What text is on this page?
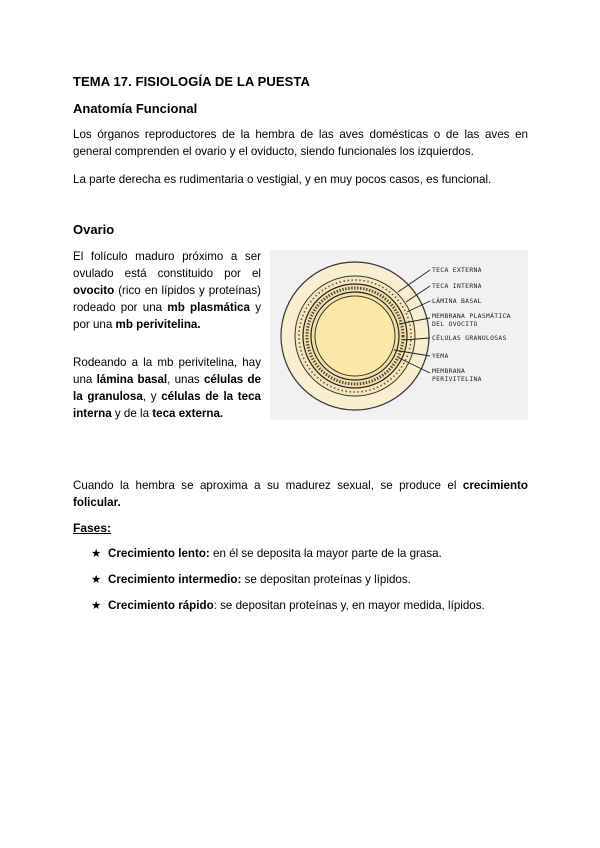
TEMA 17. FISIOLOGÍA DE LA PUESTA
Anatomía Funcional
Los órganos reproductores de la hembra de las aves domésticas o de las aves en general comprenden el ovario y el oviducto, siendo funcionales los izquierdos.
La parte derecha es rudimentaria o vestigial, y en muy pocos casos, es funcional.
Ovario
El folículo maduro próximo a ser ovulado está constituido por el ovocito (rico en lípidos y proteínas) rodeado por una mb plasmática y por una mb perivitelina.
Rodeando a la mb perivitelina, hay una lámina basal, unas células de la granulosa, y células de la teca interna y de la teca externa.
TECA EXTERNA
TECA INTERNA
LÁMINA BASAL
MEMBRANA PLASMÁTICA
DEL OVOCITO
CÉLULAS GRANULOSAS
YEMA
MEMBRANA
PERIVITELINA
Cuando la hembra se aproxima a su madurez sexual, se produce el crecimiento folicular.
Fases:
★ Crecimiento lento: en él se deposita la mayor parte de la grasa.
★ Crecimiento intermedio: se depositan proteínas y lípidos.
★ Crecimiento rápido: se depositan proteínas y, en mayor medida, lípidos.
